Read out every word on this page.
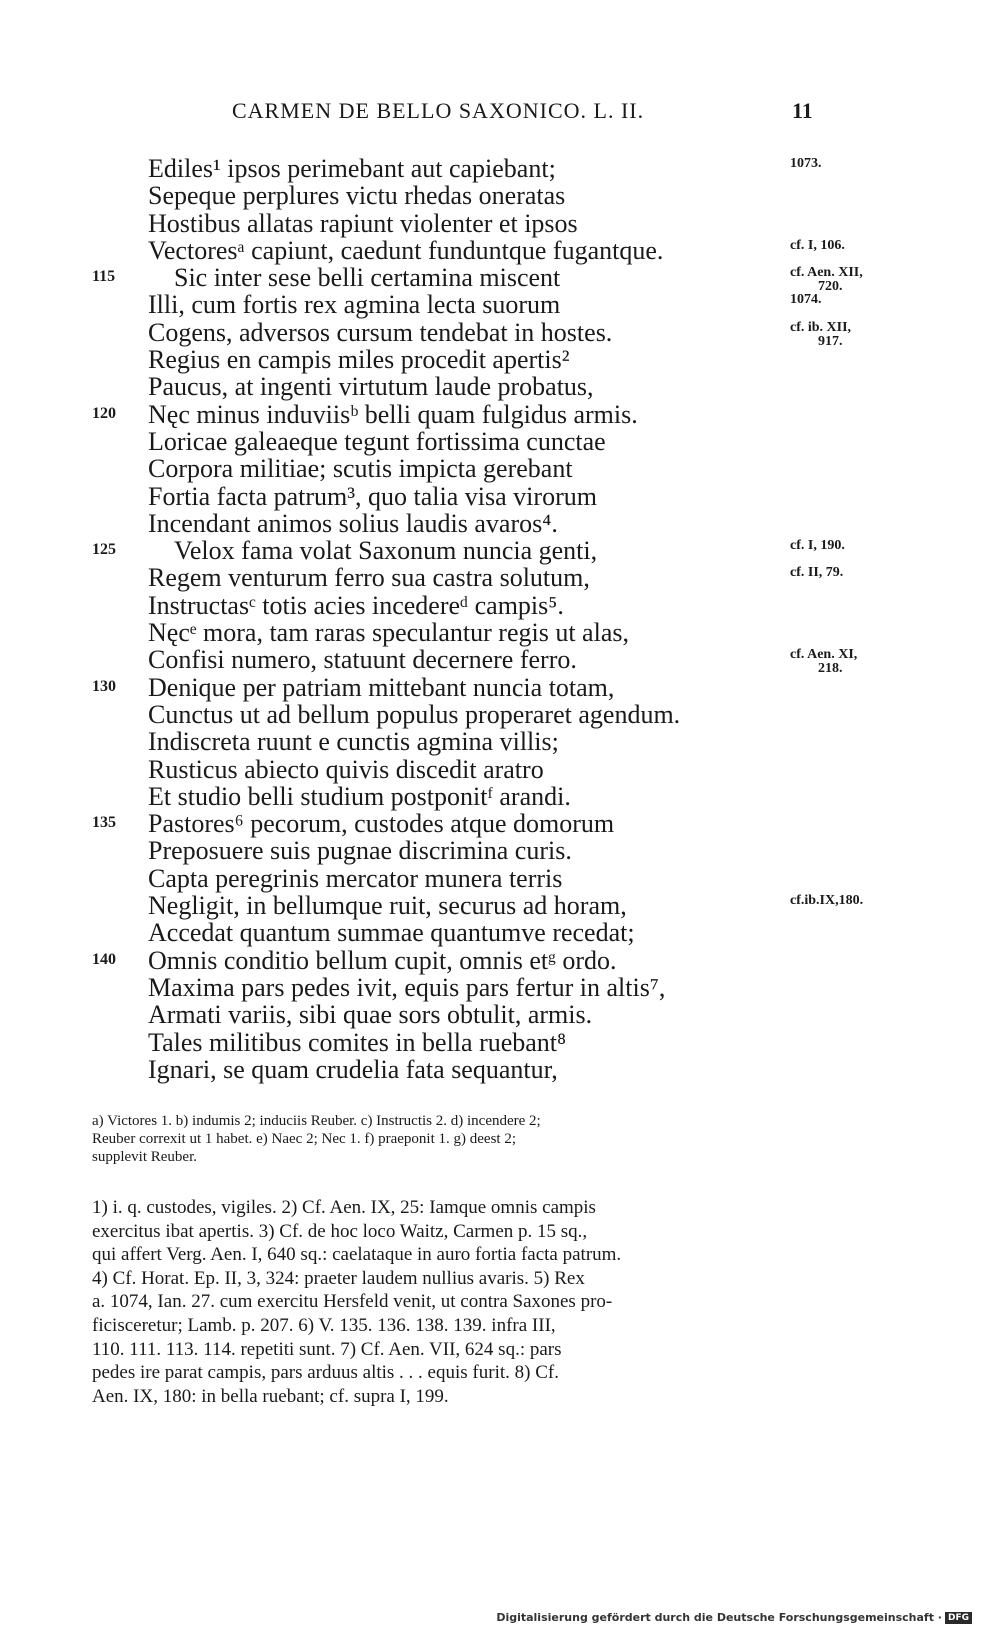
CARMEN DE BELLO SAXONICO. L. II.	11
Ediles¹ ipsos perimebant aut capiebant;	1073.
Sepeque perplures victu rhedas oneratas
Hostibus allatas rapiunt violenter et ipsos
Vectoresᵃ capiunt, caedunt funduntque fugantque.	cf. I, 106.
115	Sic inter sese belli certamina miscent	cf. Aen. XII,
720.
Illi, cum fortis rex agmina lecta suorum	1074.
Cogens, adversos cursum tendebat in hostes.	cf. ib. XII,
917.
Regius en campis miles procedit apertis²
Paucus, at ingenti virtutum laude probatus,
120	Nęc minus induviisᵇ belli quam fulgidus armis.
Loricae galeaeque tegunt fortissima cunctae
Corpora militiae; scutis impicta gerebant
Fortia facta patrum³, quo talia visa virorum
Incendant animos solius laudis avaros⁴.
125	Velox fama volat Saxonum nuncia genti,	cf. I, 190.
Regem venturum ferro sua castra solutum,	cf. II, 79.
Instructasᶜ totis acies incedereᵈ campis⁵.
Nęcᵉ mora, tam raras speculantur regis ut alas,
Confisi numero, statuunt decernere ferro.	cf. Aen. XI,
218.
130	Denique per patriam mittebant nuncia totam,
Cunctus ut ad bellum populus properaret agendum.
Indiscreta ruunt e cunctis agmina villis;
Rusticus abiecto quivis discedit aratro
Et studio belli studium postponitᶠ arandi.
135	Pastores⁶ pecorum, custodes atque domorum
Preposuere suis pugnae discrimina curis.
Capta peregrinis mercator munera terris
Negligit, in bellumque ruit, securus ad horam,	cf.ib.IX,180.
Accedat quantum summae quantumve recedat;
140	Omnis conditio bellum cupit, omnis etᵍ ordo.
Maxima pars pedes ivit, equis pars fertur in altis⁷,
Armati variis, sibi quae sors obtulit, armis.
Tales militibus comites in bella ruebant⁸
Ignari, se quam crudelia fata sequantur,
a) Victores 1. b) indumis 2; induciis Reuber. c) Instructis 2. d) incendere 2;
Reuber correxit ut 1 habet. e) Naec 2; Nec 1. f) praeponit 1. g) deest 2;
supplevit Reuber.
1) i. q. custodes, vigiles. 2) Cf. Aen. IX, 25: Iamque omnis campis
exercitus ibat apertis. 3) Cf. de hoc loco Waitz, Carmen p. 15 sq.,
qui affert Verg. Aen. I, 640 sq.: caelataque in auro fortia facta patrum.
4) Cf. Horat. Ep. II, 3, 324: praeter laudem nullius avaris. 5) Rex
a. 1074, Ian. 27. cum exercitu Hersfeld venit, ut contra Saxones pro-
ficisceretur; Lamb. p. 207. 6) V. 135. 136. 138. 139. infra III,
110. 111. 113. 114. repetiti sunt. 7) Cf. Aen. VII, 624 sq.: pars
pedes ire parat campis, pars arduus altis . . . equis furit. 8) Cf.
Aen. IX, 180: in bella ruebant; cf. supra I, 199.
Digitalisierung gefördert durch die Deutsche Forschungsgemeinschaft · DFG
